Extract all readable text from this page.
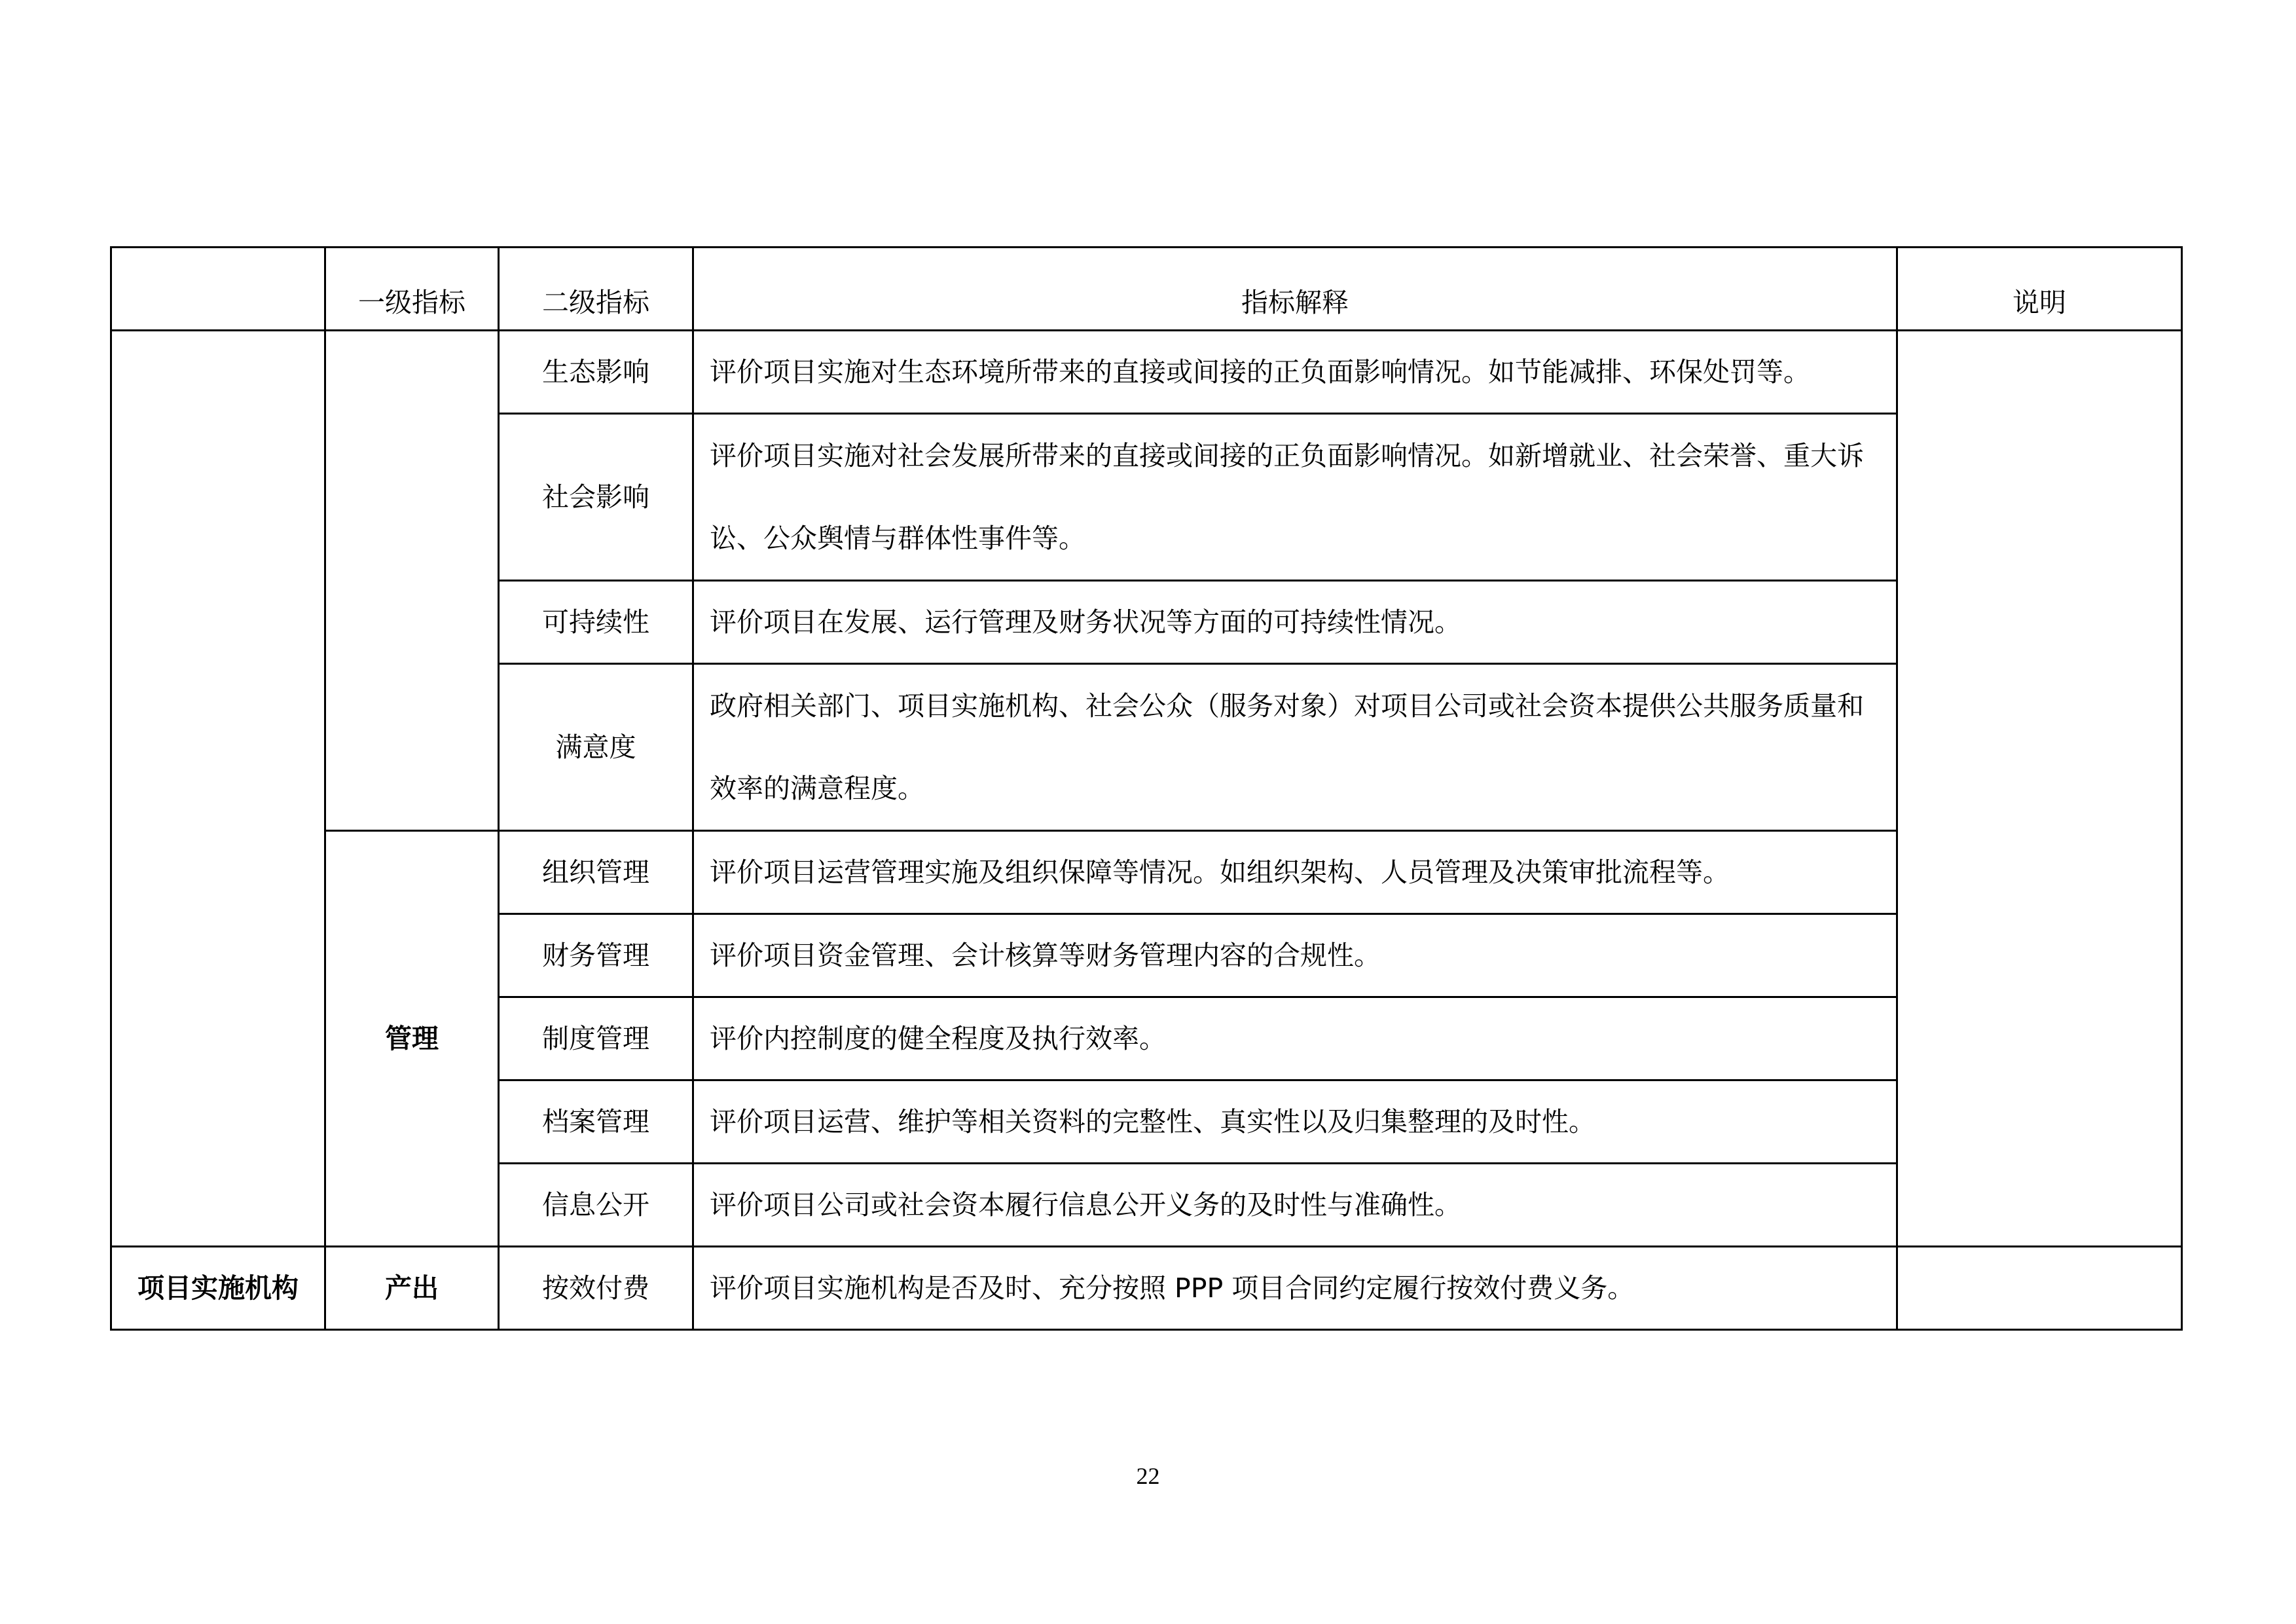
	一级指标	二级指标	指标解释	说明
		生态影响	评价项目实施对生态环境所带来的直接或间接的正负面影响情况。如节能减排、环保处罚等。	
		社会影响	评价项目实施对社会发展所带来的直接或间接的正负面影响情况。如新增就业、社会荣誉、重大诉讼、公众舆情与群体性事件等。	
		可持续性	评价项目在发展、运行管理及财务状况等方面的可持续性情况。	
		满意度	政府相关部门、项目实施机构、社会公众（服务对象）对项目公司或社会资本提供公共服务质量和效率的满意程度。	
	管理	组织管理	评价项目运营管理实施及组织保障等情况。如组织架构、人员管理及决策审批流程等。	
		财务管理	评价项目资金管理、会计核算等财务管理内容的合规性。	
		制度管理	评价内控制度的健全程度及执行效率。	
		档案管理	评价项目运营、维护等相关资料的完整性、真实性以及归集整理的及时性。	
		信息公开	评价项目公司或社会资本履行信息公开义务的及时性与准确性。	
项目实施机构	产出	按效付费	评价项目实施机构是否及时、充分按照 PPP 项目合同约定履行按效付费义务。	
22
